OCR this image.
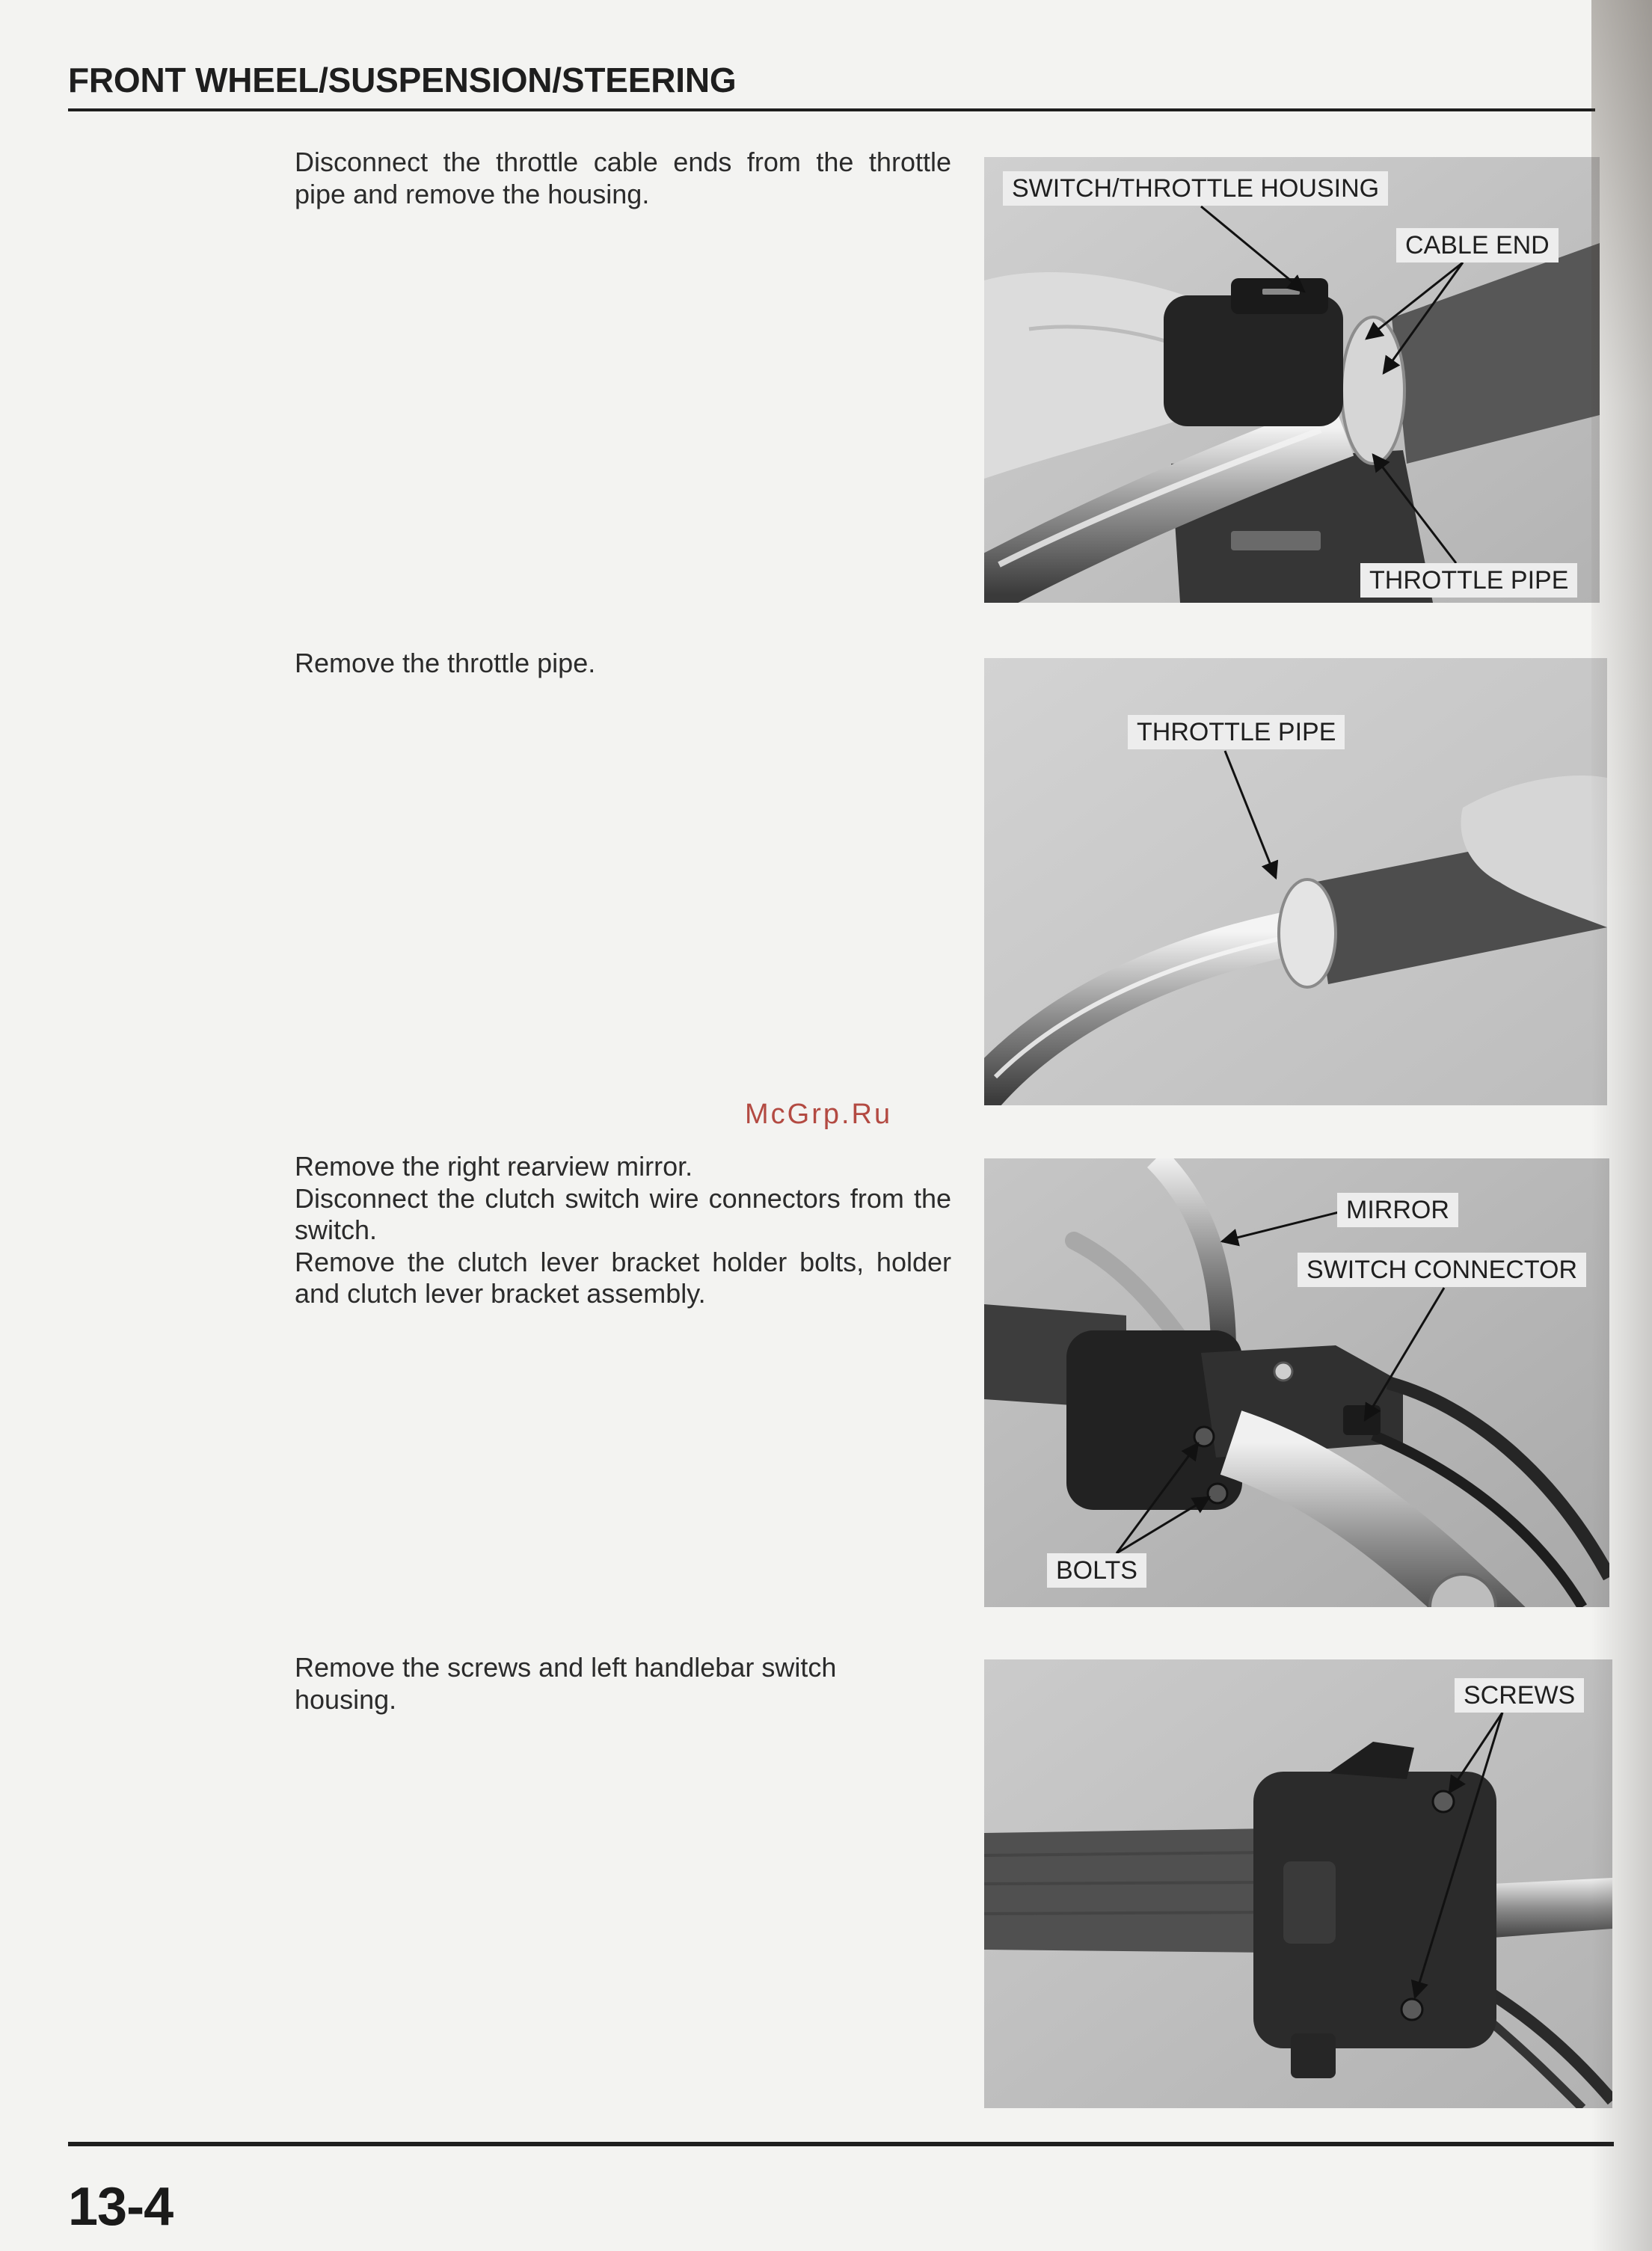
FRONT WHEEL/SUSPENSION/STEERING
Disconnect the throttle cable ends from the throttle
pipe and remove the housing.	SWITCH/THROTTLE HOUSING
CABLE END
THROTTLE PIPE
Remove the throttle pipe.
THROTTLE PIPE
McGrp.Ru
Remove the right rearview mirror.
Disconnect the clutch switch wire connectors from the
switch.
Remove the clutch lever bracket holder bolts, holder
and clutch lever bracket assembly.
MIRROR
SWITCH CONNECTOR
BOLTS
Remove the screws and left handlebar switch
housing.	SCREWS
13-4
